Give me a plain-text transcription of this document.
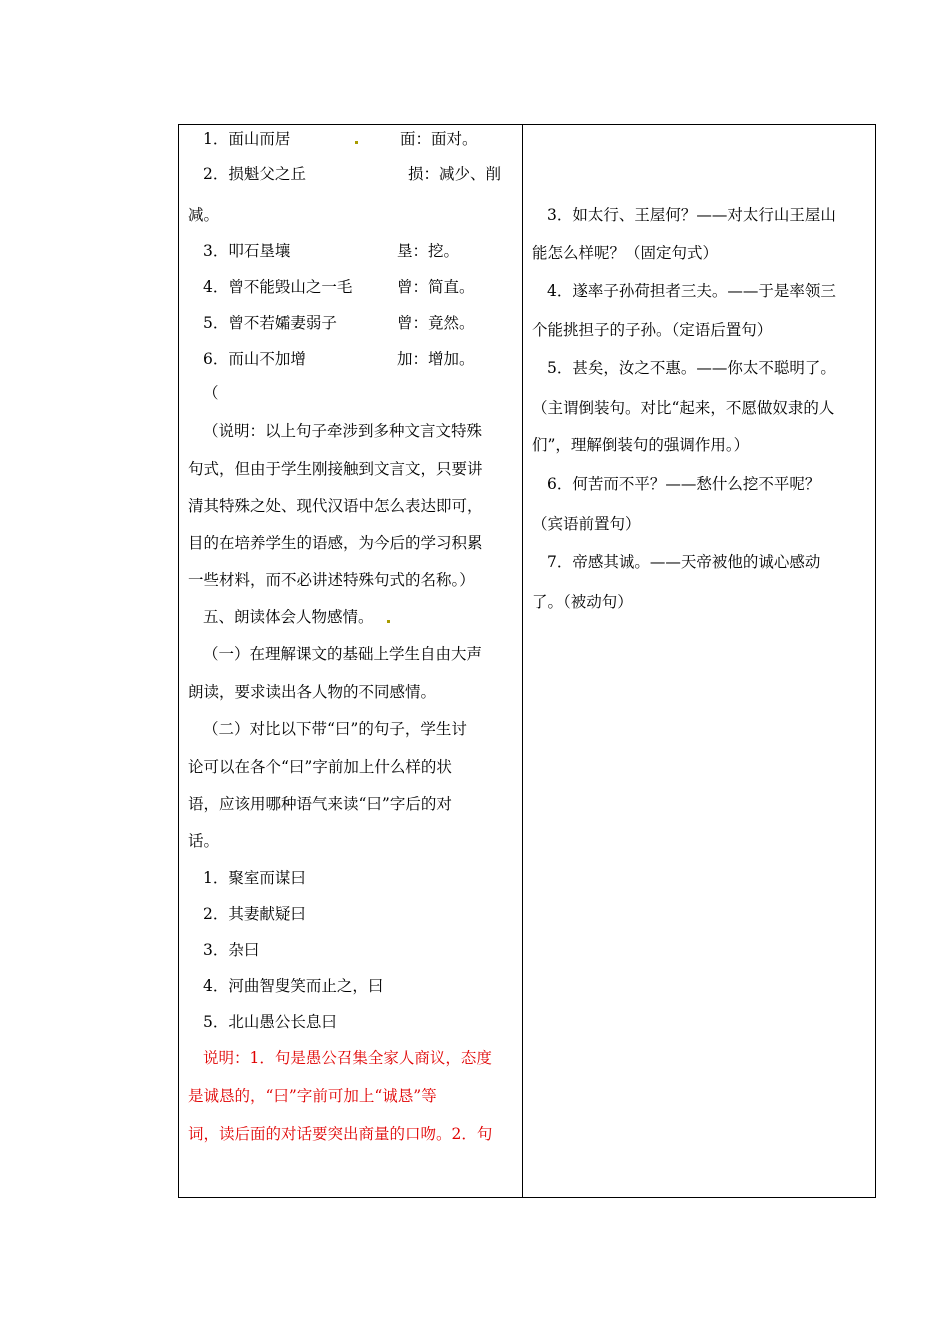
1．面山而居	面：面对。
2．损魁父之丘	损：减少、削
减。
3．叩石垦壤	垦：挖。
4．曾不能毁山之一毛	曾：简直。
5．曾不若孀妻弱子	曾：竟然。
6．而山不加增	加：增加。
（
（说明：以上句子牵涉到多种文言文特殊
句式，但由于学生刚接触到文言文，只要讲
清其特殊之处、现代汉语中怎么表达即可，
目的在培养学生的语感，为今后的学习积累
一些材料，而不必讲述特殊句式的名称。）
五、朗读体会人物感情。
（一）在理解课文的基础上学生自由大声
朗读，要求读出各人物的不同感情。
（二）对比以下带“曰”的句子，学生讨
论可以在各个“曰”字前加上什么样的状
语，应该用哪种语气来读“曰”字后的对
话。
1．聚室而谋曰
2．其妻献疑曰
3．杂曰
4．河曲智叟笑而止之，曰
5．北山愚公长息曰
说明：1．句是愚公召集全家人商议，态度
是诚恳的，“曰”字前可加上“诚恳”等
词，读后面的对话要突出商量的口吻。2．句
3．如太行、王屋何？——对太行山王屋山
能怎么样呢？（固定句式）
4．遂率子孙荷担者三夫。——于是率领三
个能挑担子的子孙。（定语后置句）
5．甚矣，汝之不惠。——你太不聪明了。
（主谓倒装句。对比“起来，不愿做奴隶的人
们”，理解倒装句的强调作用。）
6．何苦而不平？——愁什么挖不平呢？
（宾语前置句）
7．帝感其诚。——天帝被他的诚心感动
了。（被动句）
